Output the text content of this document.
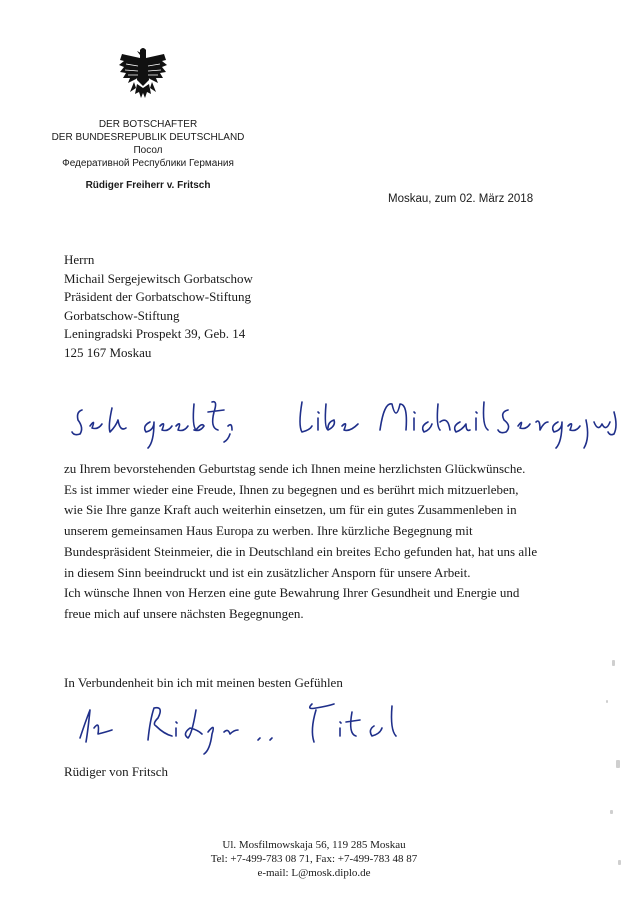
DER BOTSCHAFTER
DER BUNDESREPUBLIK DEUTSCHLAND
Посол
Федеративной Республики Германия
Rüdiger Freiherr v. Fritsch
Moskau, zum 02. März 2018
Herrn
Michail Sergejewitsch Gorbatschow
Präsident der Gorbatschow-Stiftung
Gorbatschow-Stiftung
Leningradski Prospekt 39, Geb. 14
125 167 Moskau
zu Ihrem bevorstehenden Geburtstag sende ich Ihnen meine herzlichsten Glückwünsche.
Es ist immer wieder eine Freude, Ihnen zu begegnen und es berührt mich mitzuerleben,
wie Sie Ihre ganze Kraft auch weiterhin einsetzen, um für ein gutes Zusammenleben in
unserem gemeinsamen Haus Europa zu werben. Ihre kürzliche Begegnung mit
Bundespräsident Steinmeier, die in Deutschland ein breites Echo gefunden hat, hat uns alle
in diesem Sinn beeindruckt und ist ein zusätzlicher Ansporn für unsere Arbeit.
Ich wünsche Ihnen von Herzen eine gute Bewahrung Ihrer Gesundheit und Energie und
freue mich auf unsere nächsten Begegnungen.
In Verbundenheit bin ich mit meinen besten Gefühlen
Rüdiger von Fritsch
Ul. Mosfilmowskaja 56, 119 285 Moskau
Tel: +7-499-783 08 71, Fax: +7-499-783 48 87
e-mail: L@mosk.diplo.de
